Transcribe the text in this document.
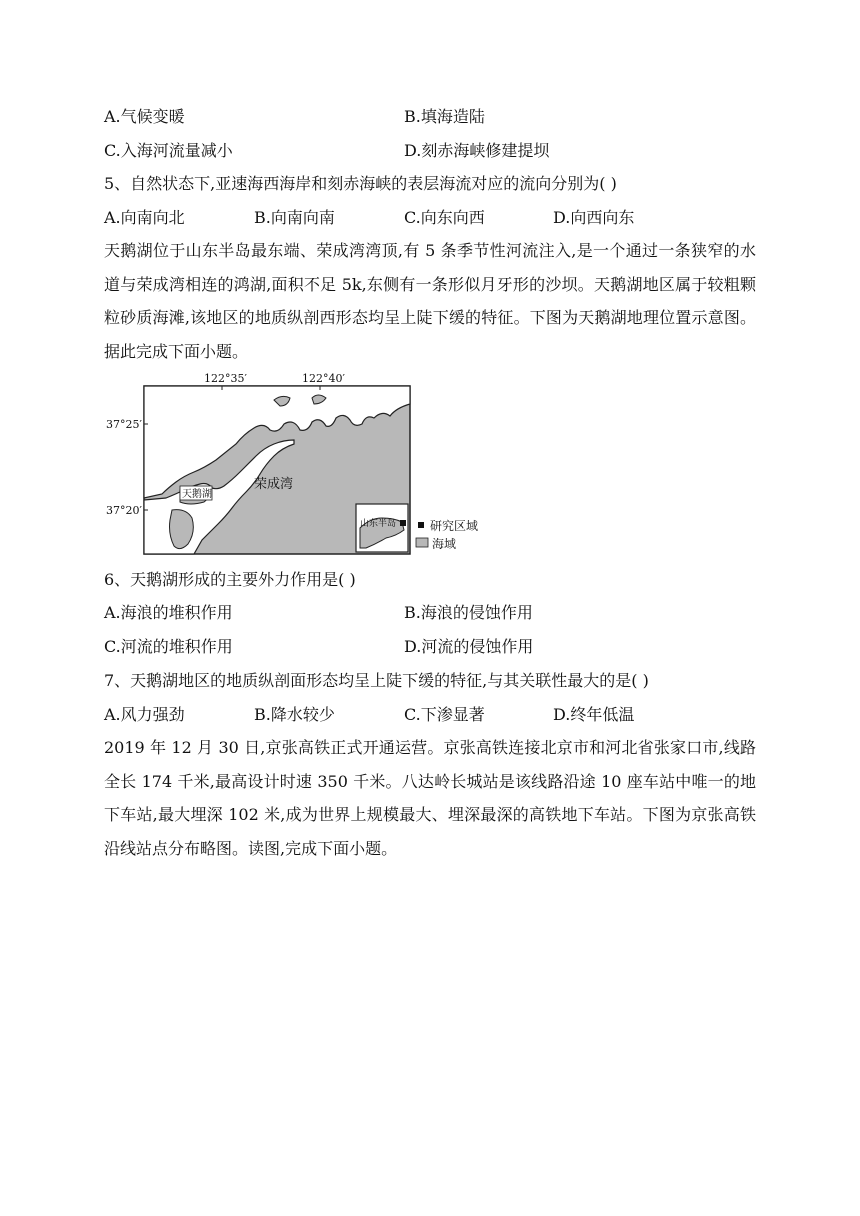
A.气候变暖	B.填海造陆
C.入海河流量减小	D.刻赤海峡修建提坝
5、自然状态下,亚速海西海岸和刻赤海峡的表层海流对应的流向分别为( )
A.向南向北	B.向南向南	C.向东向西	D.向西向东
天鹅湖位于山东半岛最东端、荣成湾湾顶,有 5 条季节性河流注入,是一个通过一条狭窄的水道与荣成湾相连的鸿湖,面积不足 5k,东侧有一条形似月牙形的沙坝。天鹅湖地区属于较粗颗粒砂质海滩,该地区的地质纵剖西形态均呈上陡下缓的特征。下图为天鹅湖地理位置示意图。据此完成下面小题。
122°35′	122°40′
37°25′
37°20′
荣成湾
天鹅湖
山东半岛	研究区域
海域
6、天鹅湖形成的主要外力作用是( )
A.海浪的堆积作用	B.海浪的侵蚀作用
C.河流的堆积作用	D.河流的侵蚀作用
7、天鹅湖地区的地质纵剖面形态均呈上陡下缓的特征,与其关联性最大的是( )
A.风力强劲	B.降水较少	C.下渗显著	D.终年低温
2019 年 12 月 30 日,京张高铁正式开通运营。京张高铁连接北京市和河北省张家口市,线路全长 174 千米,最高设计时速 350 千米。八达岭长城站是该线路沿途 10 座车站中唯一的地下车站,最大埋深 102 米,成为世界上规模最大、埋深最深的高铁地下车站。下图为京张高铁沿线站点分布略图。读图,完成下面小题。
